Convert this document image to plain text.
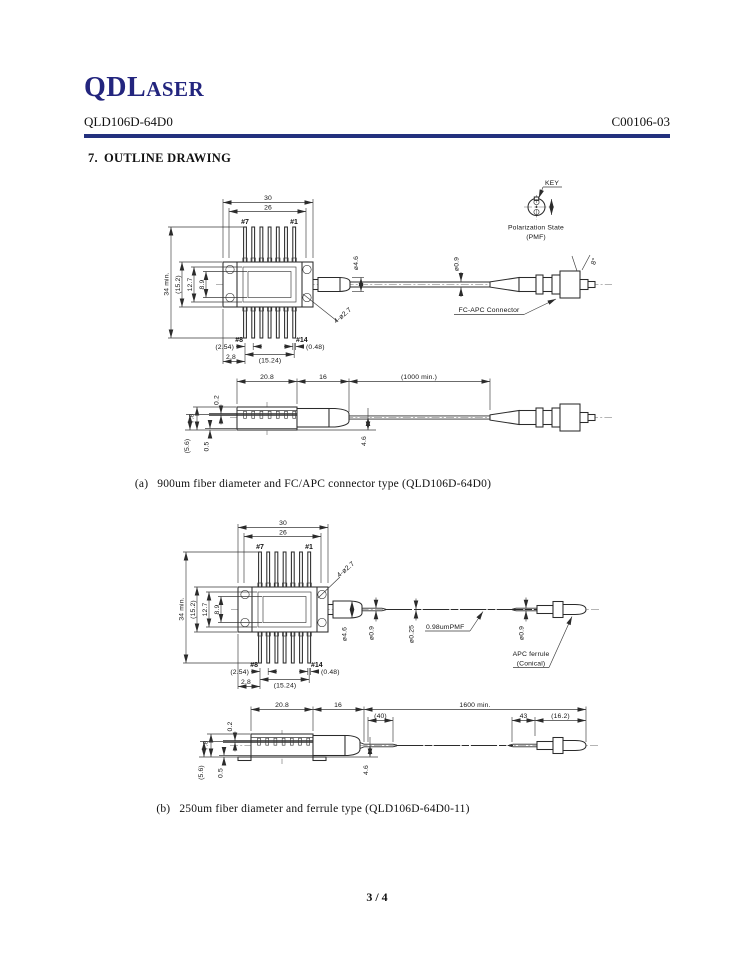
30
26
#7	#1
34 min. (15.2) 12.7 8.9
#8	#14
(2.54)	(0.48)
(15.24)
2.8
4-ø2.7
ø4.6	ø0.9	8°
FC-APC Connector
KEY
Polarization State
(PMF)
20.8	16	(1000 min.)
0.2
7.8
(5.6) 0.5
4.6
30
26
#7	#1
34 min. (15.2) 12.7 8.9
#8	#14
(2.54)	(0.48)
(15.24)
2.8
4-ø2.7
ø4.6	ø0.9	ø0.25 0.98umPMF	ø0.9
APC ferrule
(Conical)
20.8	16	1600 min.
(40)	43	(16.2)
0.2
7.8
(5.6) 0.5	4.6
QDLASER
QLD106D-64D0	C00106-03
7. OUTLINE DRAWING
(a) 900um fiber diameter and FC/APC connector type (QLD106D-64D0)
(b) 250um fiber diameter and ferrule type (QLD106D-64D0-11)
3 / 4
